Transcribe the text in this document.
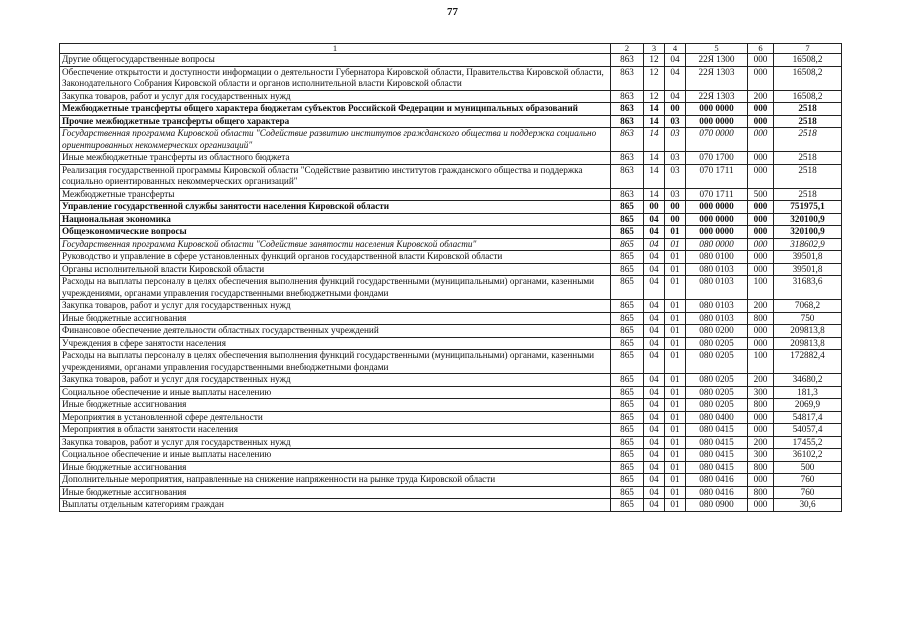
77
1	2	3	4	5	6	7
Другие общегосударственные вопросы	863	12	04	22Я 1300	000	16508,2
Обеспечение открытости и доступности информации о деятельности Губернатора Кировской области, Правительства Кировской области, Законодательного Собрания Кировской области и органов исполнительной власти Кировской области	863	12	04	22Я 1303	000	16508,2
Закупка товаров, работ и услуг для государственных нужд	863	12	04	22Я 1303	200	16508,2
Межбюджетные трансферты общего характера бюджетам субъектов Российской Федерации и муниципальных образований	863	14	00	000 0000	000	2518
Прочие межбюджетные трансферты общего характера	863	14	03	000 0000	000	2518
Государственная программа Кировской области "Содействие развитию институтов гражданского общества и поддержка социально ориентированных некоммерческих организаций"	863	14	03	070 0000	000	2518
Иные межбюджетные трансферты из областного бюджета	863	14	03	070 1700	000	2518
Реализация государственной программы Кировской области "Содействие развитию институтов гражданского общества и поддержка социально ориентированных некоммерческих организаций"	863	14	03	070 1711	000	2518
Межбюджетные трансферты	863	14	03	070 1711	500	2518
Управление государственной службы занятости населения Кировской области	865	00	00	000 0000	000	751975,1
Национальная экономика	865	04	00	000 0000	000	320100,9
Общеэкономические вопросы	865	04	01	000 0000	000	320100,9
Государственная программа Кировской области "Содействие занятости населения Кировской области"	865	04	01	080 0000	000	318602,9
Руководство и управление в сфере установленных функций органов государственной власти Кировской области	865	04	01	080 0100	000	39501,8
Органы исполнительной власти Кировской области	865	04	01	080 0103	000	39501,8
Расходы на выплаты персоналу в целях обеспечения выполнения функций государственными (муниципальными) органами, казенными учреждениями, органами управления государственными внебюджетными фондами	865	04	01	080 0103	100	31683,6
Закупка товаров, работ и услуг для государственных нужд	865	04	01	080 0103	200	7068,2
Иные бюджетные ассигнования	865	04	01	080 0103	800	750
Финансовое обеспечение деятельности областных государственных учреждений	865	04	01	080 0200	000	209813,8
Учреждения в сфере занятости населения	865	04	01	080 0205	000	209813,8
Расходы на выплаты персоналу в целях обеспечения выполнения функций государственными (муниципальными) органами, казенными учреждениями, органами управления государственными внебюджетными фондами	865	04	01	080 0205	100	172882,4
Закупка товаров, работ и услуг для государственных нужд	865	04	01	080 0205	200	34680,2
Социальное обеспечение и иные выплаты населению	865	04	01	080 0205	300	181,3
Иные бюджетные ассигнования	865	04	01	080 0205	800	2069,9
Мероприятия в установленной сфере деятельности	865	04	01	080 0400	000	54817,4
Мероприятия в области занятости населения	865	04	01	080 0415	000	54057,4
Закупка товаров, работ и услуг для государственных нужд	865	04	01	080 0415	200	17455,2
Социальное обеспечение и иные выплаты населению	865	04	01	080 0415	300	36102,2
Иные бюджетные ассигнования	865	04	01	080 0415	800	500
Дополнительные мероприятия, направленные на снижение напряженности на рынке труда Кировской области	865	04	01	080 0416	000	760
Иные бюджетные ассигнования	865	04	01	080 0416	800	760
Выплаты отдельным категориям граждан	865	04	01	080 0900	000	30,6
